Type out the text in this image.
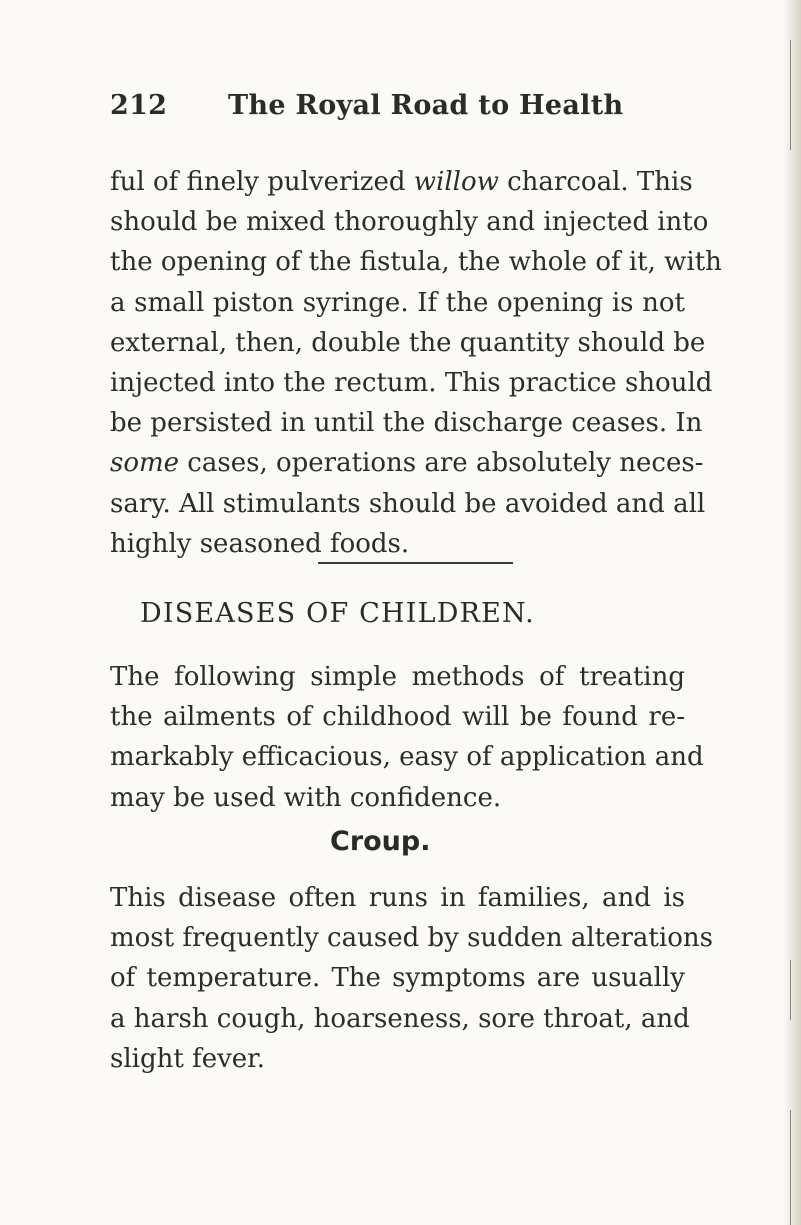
212 The Royal Road to Health
ful of finely pulverized willow charcoal. This
should be mixed thoroughly and injected into
the opening of the fistula, the whole of it, with
a small piston syringe. If the opening is not
external, then, double the quantity should be
injected into the rectum. This practice should
be persisted in until the discharge ceases. In
some cases, operations are absolutely neces-
sary. All stimulants should be avoided and all
highly seasoned foods.
DISEASES OF CHILDREN.
The following simple methods of treating
the ailments of childhood will be found re-
markably efficacious, easy of application and
may be used with confidence.
Croup.
This disease often runs in families, and is
most frequently caused by sudden alterations
of temperature. The symptoms are usually
a harsh cough, hoarseness, sore throat, and
slight fever.
